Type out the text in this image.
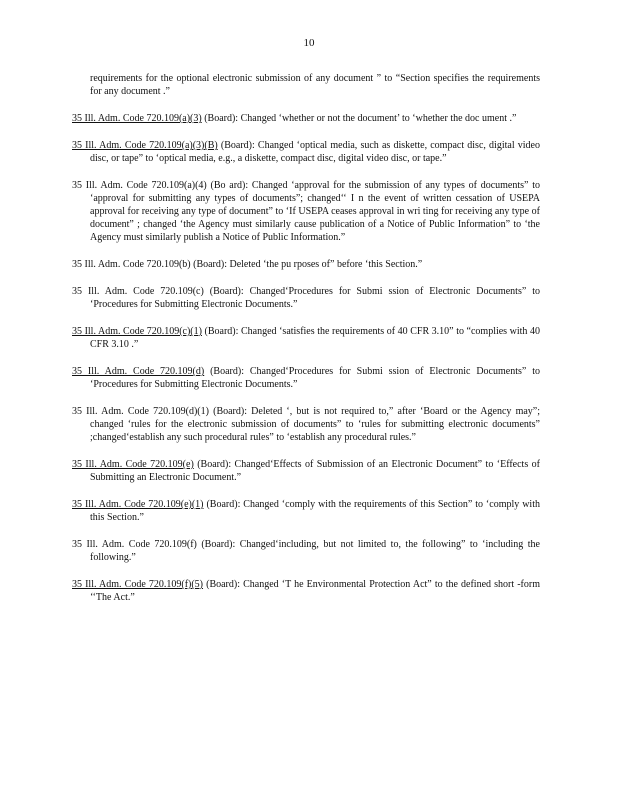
10

requirements for the optional electronic submission of any document ” to “Section specifies the requirements for any document .”

35 Ill. Adm. Code 720.109(a)(3) (Board): Changed ‘whether or not the document’ to ‘whether the doc ument .”

35 Ill. Adm. Code 720.109(a)(3)(B) (Board): Changed ‘optical media, such as diskette, compact disc, digital video disc, or tape” to ‘optical media, e.g., a diskette, compact disc, digital video disc, or tape.”

35 Ill. Adm. Code 720.109(a)(4) (Bo ard): Changed ‘approval for the submission of any types of documents” to ‘approval for submitting any types of documents”; changed‘‘ I n the event of written cessation of USEPA approval for receiving any type of document” to ‘If USEPA ceases approval in wri ting for receiving any type of document” ; changed ‘the Agency must similarly cause publication of a Notice of Public Information” to ‘the Agency must similarly publish a Notice of Public Information.”

35 Ill. Adm. Code 720.109(b) (Board): Deleted ‘the pu rposes of” before ‘this Section.”

35 Ill. Adm. Code 720.109(c) (Board): Changed‘Procedures for Submi ssion of Electronic Documents” to ‘Procedures for Submitting Electronic Documents.”

35 Ill. Adm. Code 720.109(c)(1) (Board): Changed ‘satisfies the requirements of 40 CFR 3.10” to “complies with 40 CFR 3.10 .”

35 Ill. Adm. Code 720.109(d) (Board): Changed‘Procedures for Submi ssion of Electronic Documents” to ‘Procedures for Submitting Electronic Documents.”

35 Ill. Adm. Code 720.109(d)(1) (Board): Deleted ‘, but is not required to,” after ‘Board or the Agency may”; changed ‘rules for the electronic submission of documents” to ‘rules for submitting electronic documents” ;changed‘establish any such procedural rules” to ‘establish any procedural rules.”

35 Ill. Adm. Code 720.109(e) (Board): Changed‘Effects of Submission of an Electronic Document” to ‘Effects of Submitting an Electronic Document.”

35 Ill. Adm. Code 720.109(e)(1) (Board): Changed ‘comply with the requirements of this Section” to ‘comply with this Section.”

35 Ill. Adm. Code 720.109(f) (Board): Changed‘including, but not limited to, the following” to ‘including the following.”

35 Ill. Adm. Code 720.109(f)(5) (Board): Changed ‘T he Environmental Protection Act” to the defined short -form ‘‘The Act.”
